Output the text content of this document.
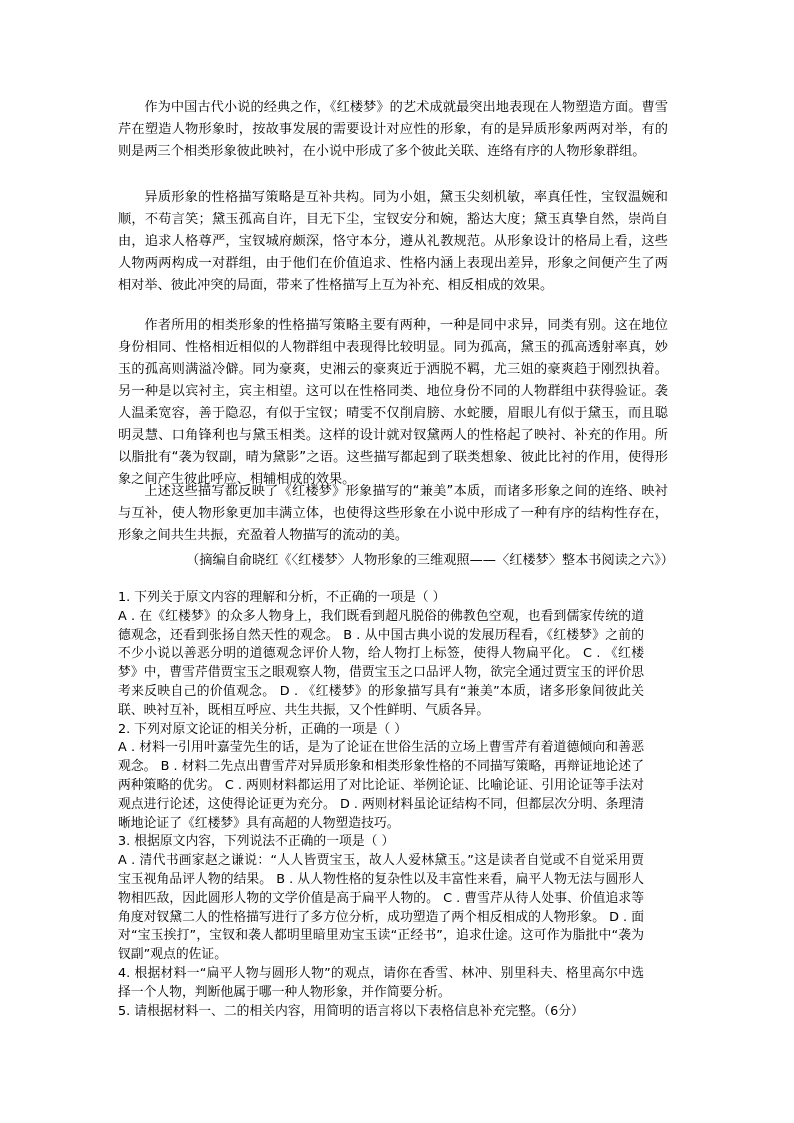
作为中国古代小说的经典之作，《红楼梦》的艺术成就最突出地表现在人物塑造方面。曹雪芹在塑造人物形象时，按故事发展的需要设计对应性的形象，有的是异质形象两两对举，有的则是两三个相类形象彼此映衬，在小说中形成了多个彼此关联、连络有序的人物形象群组。

异质形象的性格描写策略是互补共构。同为小姐，黛玉尖刻机敏，率真任性，宝钗温婉和顺，不苟言笑；黛玉孤高自许，目无下尘，宝钗安分和婉，豁达大度；黛玉真挚自然，崇尚自由，追求人格尊严，宝钗城府颇深，恪守本分，遵从礼教规范。从形象设计的格局上看，这些人物两两构成一对群组，由于他们在价值追求、性格内涵上表现出差异，形象之间便产生了两相对举、彼此冲突的局面，带来了性格描写上互为补充、相反相成的效果。

作者所用的相类形象的性格描写策略主要有两种，一种是同中求异，同类有别。这在地位身份相同、性格相近相似的人物群组中表现得比较明显。同为孤高，黛玉的孤高透射率真，妙玉的孤高则满溢冷僻。同为豪爽，史湘云的豪爽近于洒脱不羁，尤三姐的豪爽趋于刚烈执着。另一种是以宾衬主，宾主相望。这可以在性格同类、地位身份不同的人物群组中获得验证。袭人温柔宽容，善于隐忍，有似于宝钗；晴雯不仅削肩膀、水蛇腰，眉眼儿有似于黛玉，而且聪明灵慧、口角锋利也与黛玉相类。这样的设计就对钗黛两人的性格起了映衬、补充的作用。所以脂批有“袭为钗副，晴为黛影”之语。这些描写都起到了联类想象、彼此比衬的作用，使得形象之间产生彼此呼应、相辅相成的效果。

上述这些描写都反映了《红楼梦》形象描写的“兼美”本质，而诸多形象之间的连络、映衬与互补，使人物形象更加丰满立体，也使得这些形象在小说中形成了一种有序的结构性存在，形象之间共生共振，充盈着人物描写的流动的美。

（摘编自俞晓红《〈红楼梦〉人物形象的三维观照——〈红楼梦〉整本书阅读之六》）

1. 下列关于原文内容的理解和分析，不正确的一项是（ ）

A . 在《红楼梦》的众多人物身上，我们既看到超凡脱俗的佛教色空观，也看到儒家传统的道德观念，还看到张扬自然天性的观念。 B . 从中国古典小说的发展历程看，《红楼梦》之前的不少小说以善恶分明的道德观念评价人物，给人物打上标签，使得人物扁平化。 C . 《红楼梦》中，曹雪芹借贾宝玉之眼观察人物，借贾宝玉之口品评人物，欲完全通过贾宝玉的评价思考来反映自己的价值观念。 D . 《红楼梦》的形象描写具有“兼美”本质，诸多形象间彼此关联、映衬互补，既相互呼应、共生共振，又个性鲜明、气质各异。

2. 下列对原文论证的相关分析，正确的一项是（ ）

A . 材料一引用叶嘉莹先生的话，是为了论证在世俗生活的立场上曹雪芹有着道德倾向和善恶观念。 B . 材料二先点出曹雪芹对异质形象和相类形象性格的不同描写策略，再辩证地论述了两种策略的优劣。 C . 两则材料都运用了对比论证、举例论证、比喻论证、引用论证等手法对观点进行论述，这使得论证更为充分。 D . 两则材料虽论证结构不同，但都层次分明、条理清晰地论证了《红楼梦》具有高超的人物塑造技巧。

3. 根据原文内容，下列说法不正确的一项是（ ）

A . 清代书画家赵之谦说：“人人皆贾宝玉，故人人爱林黛玉。”这是读者自觉或不自觉采用贾宝玉视角品评人物的结果。 B . 从人物性格的复杂性以及丰富性来看，扁平人物无法与圆形人物相匹敌，因此圆形人物的文学价值是高于扁平人物的。 C . 曹雪芹从待人处事、价值追求等角度对钗黛二人的性格描写进行了多方位分析，成功塑造了两个相反相成的人物形象。 D . 面对“宝玉挨打”，宝钗和袭人都明里暗里劝宝玉读“正经书”，追求仕途。这可作为脂批中“袭为钗副”观点的佐证。

4. 根据材料一“扁平人物与圆形人物”的观点，请你在香雪、林冲、别里科夫、格里高尔中选择一个人物，判断他属于哪一种人物形象，并作简要分析。

5. 请根据材料一、二的相关内容，用简明的语言将以下表格信息补充完整。（6分）
